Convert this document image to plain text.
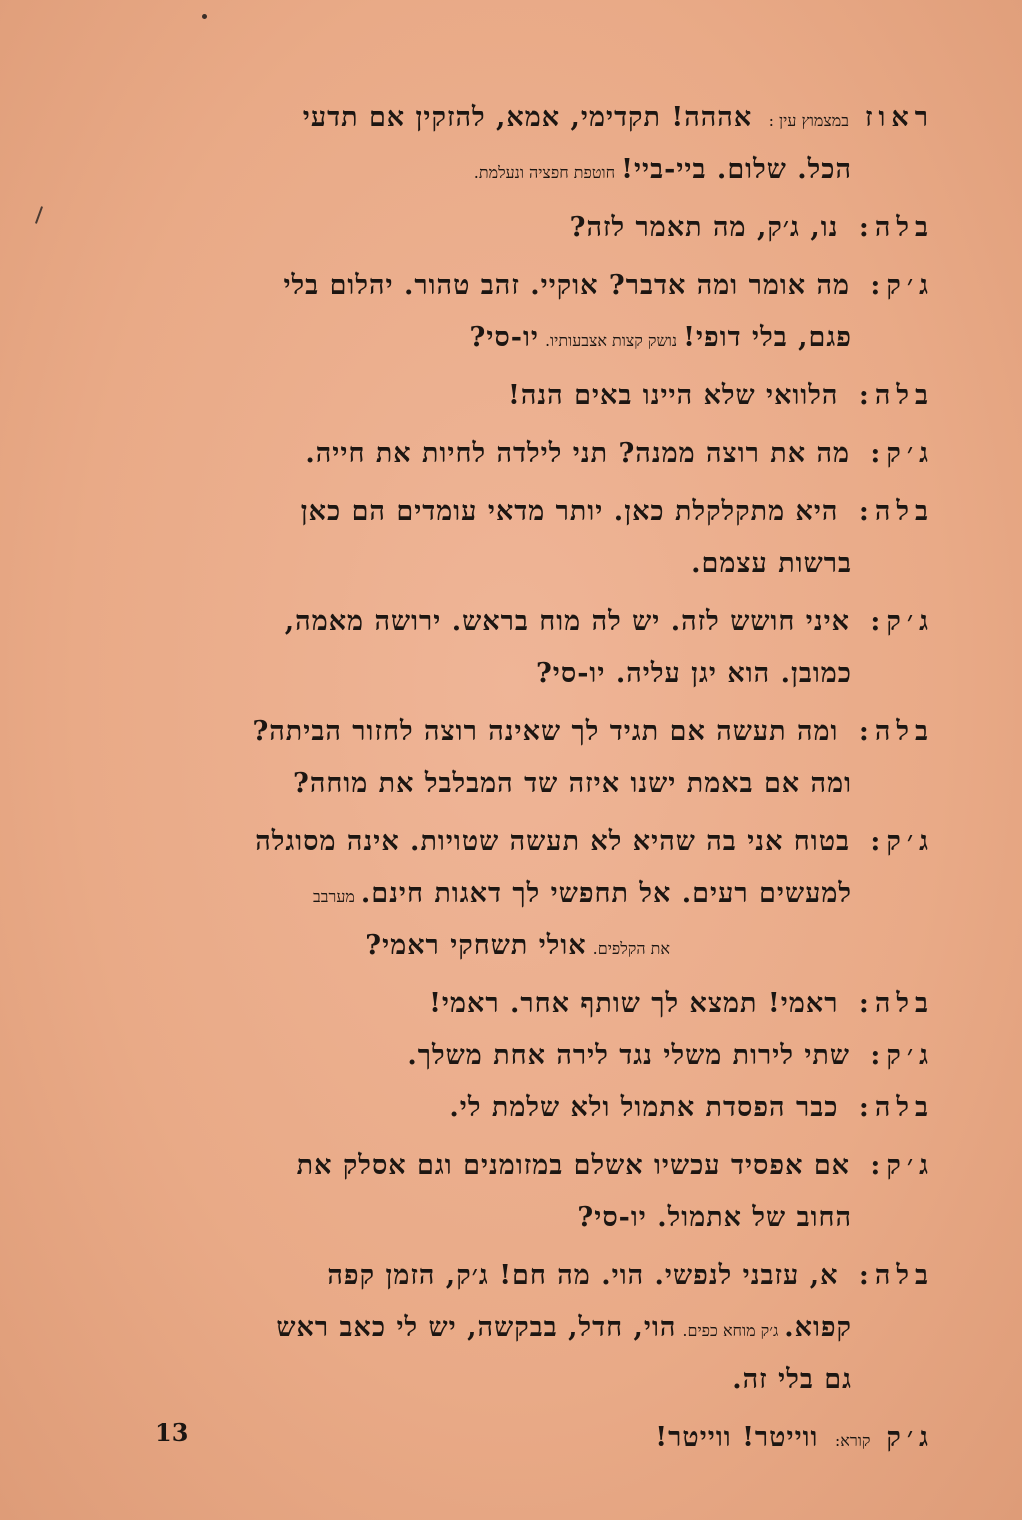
ראוזבמצמוץ עין : אההה! תקדימי, אמא, להזקין אם תדעי
הכל. שלום. ביי-ביי!חוטפת חפציה ונעלמת.
בלה: נו, ג׳ק, מה תאמר לזה?
ג׳ק: מה אומר ומה אדבר? אוקיי. זהב טהור. יהלום בלי
פגם, בלי דופי!נושק קצות אצבעותיו.יו-סי?
בלה: הלוואי שלא היינו באים הנה!
ג׳ק: מה את רוצה ממנה? תני לילדה לחיות את חייה.
בלה: היא מתקלקלת כאן. יותר מדאי עומדים הם כאן
ברשות עצמם.
ג׳ק: איני חושש לזה. יש לה מוח בראש. ירושה מאמה,
כמובן. הוא יגן עליה. יו-סי?
בלה: ומה תעשה אם תגיד לך שאינה רוצה לחזור הביתה?
ומה אם באמת ישנו איזה שד המבלבל את מוחה?
ג׳ק: בטוח אני בה שהיא לא תעשה שטויות. אינה מסוגלה
למעשים רעים. אל תחפשי לך דאגות חינם.מערבב
את הקלפים.אולי תשחקי ראמי?
בלה: ראמי! תמצא לך שותף אחר. ראמי!
ג׳ק: שתי לירות משלי נגד לירה אחת משלך.
בלה: כבר הפסדת אתמול ולא שלמת לי.
ג׳ק: אם אפסיד עכשיו אשלם במזומנים וגם אסלק את
החוב של אתמול. יו-סי?
בלה: א, עזבני לנפשי. הוי. מה חם! ג׳ק, הזמן קפה
קפוא.ג׳ק מוחא כפים.הוי, חדל, בבקשה, יש לי כאב ראש
גם בלי זה.
ג׳קקורא: ווייטר! ווייטר!
13
